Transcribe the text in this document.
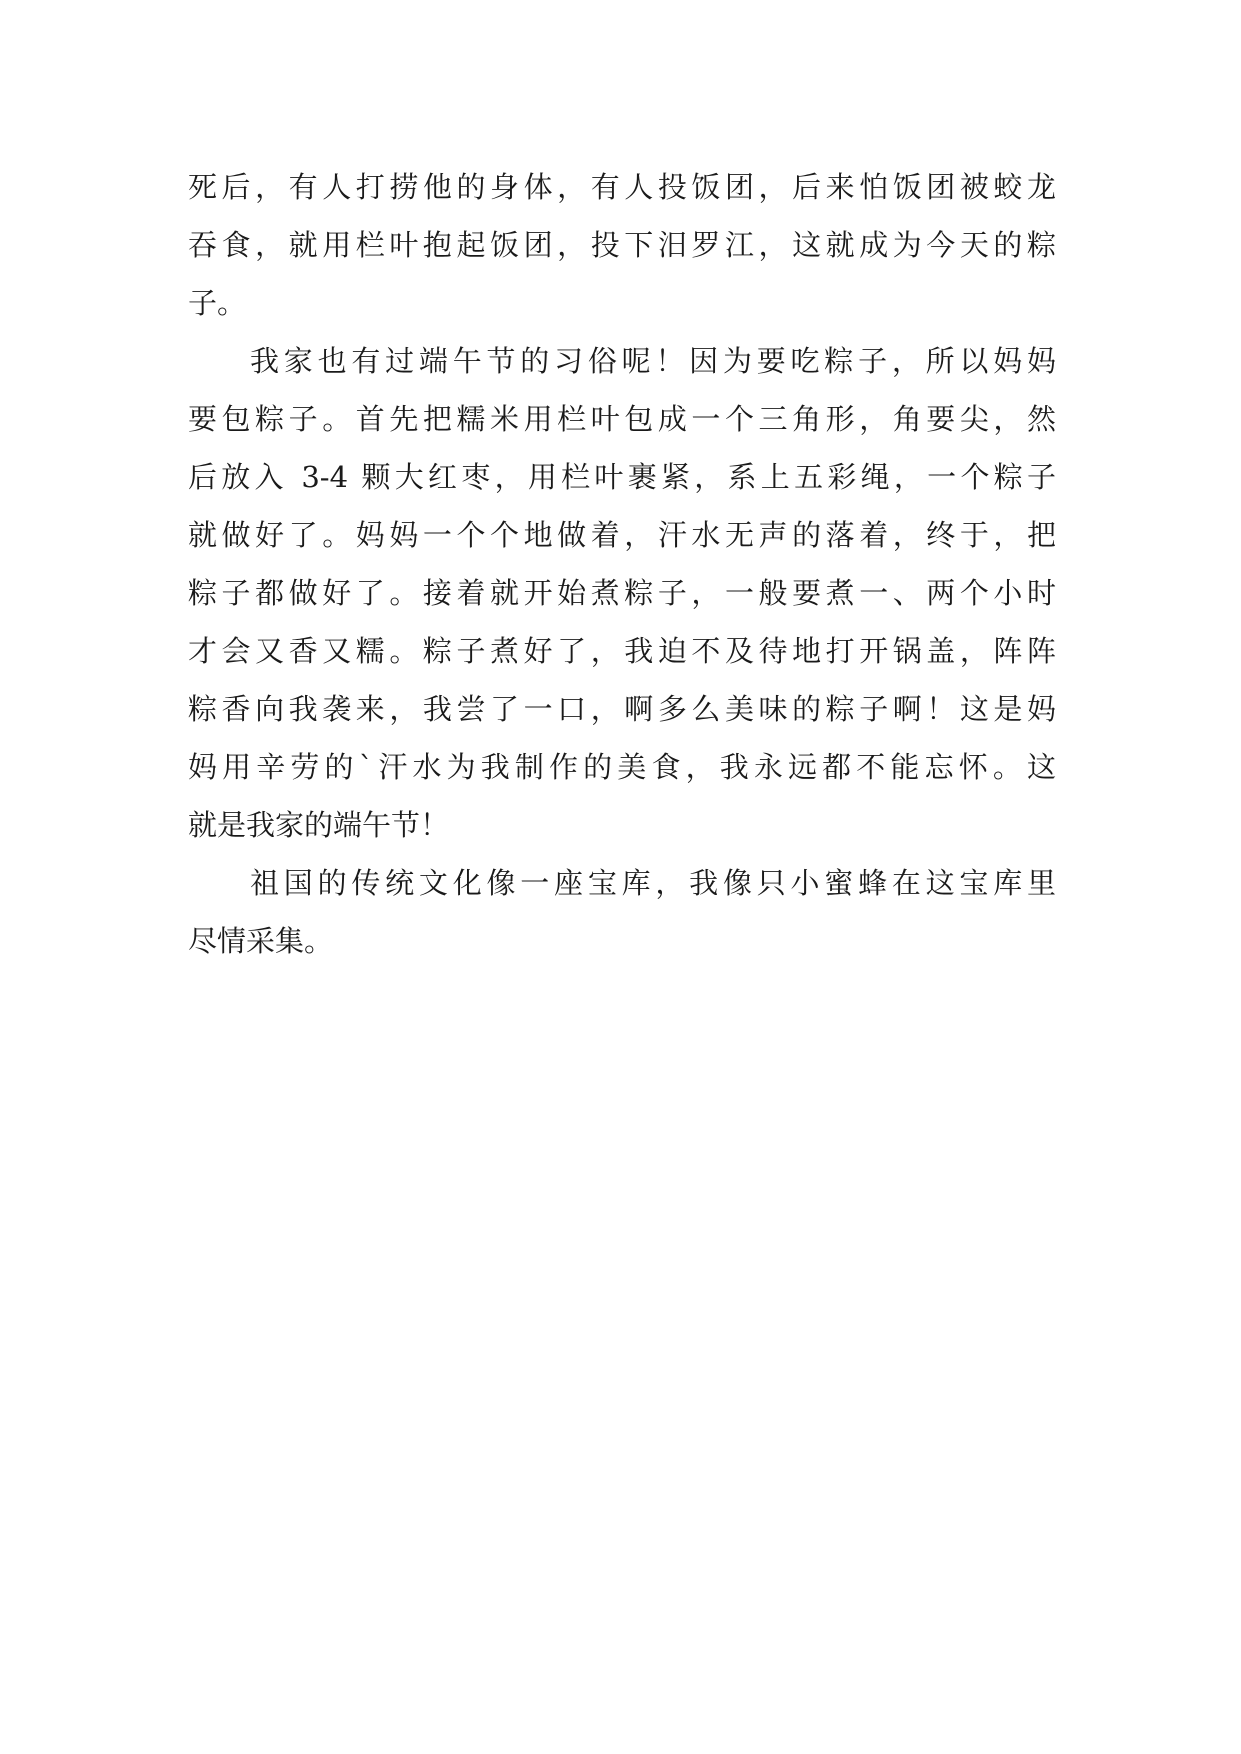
死后，有人打捞他的身体，有人投饭团，后来怕饭团被蛟龙
吞食，就用栏叶抱起饭团，投下汨罗江，这就成为今天的粽
子。
我家也有过端午节的习俗呢！因为要吃粽子，所以妈妈
要包粽子。首先把糯米用栏叶包成一个三角形，角要尖，然
后放入 3-4 颗大红枣，用栏叶裹紧，系上五彩绳，一个粽子
就做好了。妈妈一个个地做着，汗水无声的落着，终于，把
粽子都做好了。接着就开始煮粽子，一般要煮一、两个小时
才会又香又糯。粽子煮好了，我迫不及待地打开锅盖，阵阵
粽香向我袭来，我尝了一口，啊多么美味的粽子啊！这是妈
妈用辛劳的`汗水为我制作的美食，我永远都不能忘怀。这
就是我家的端午节！
祖国的传统文化像一座宝库，我像只小蜜蜂在这宝库里
尽情采集。
